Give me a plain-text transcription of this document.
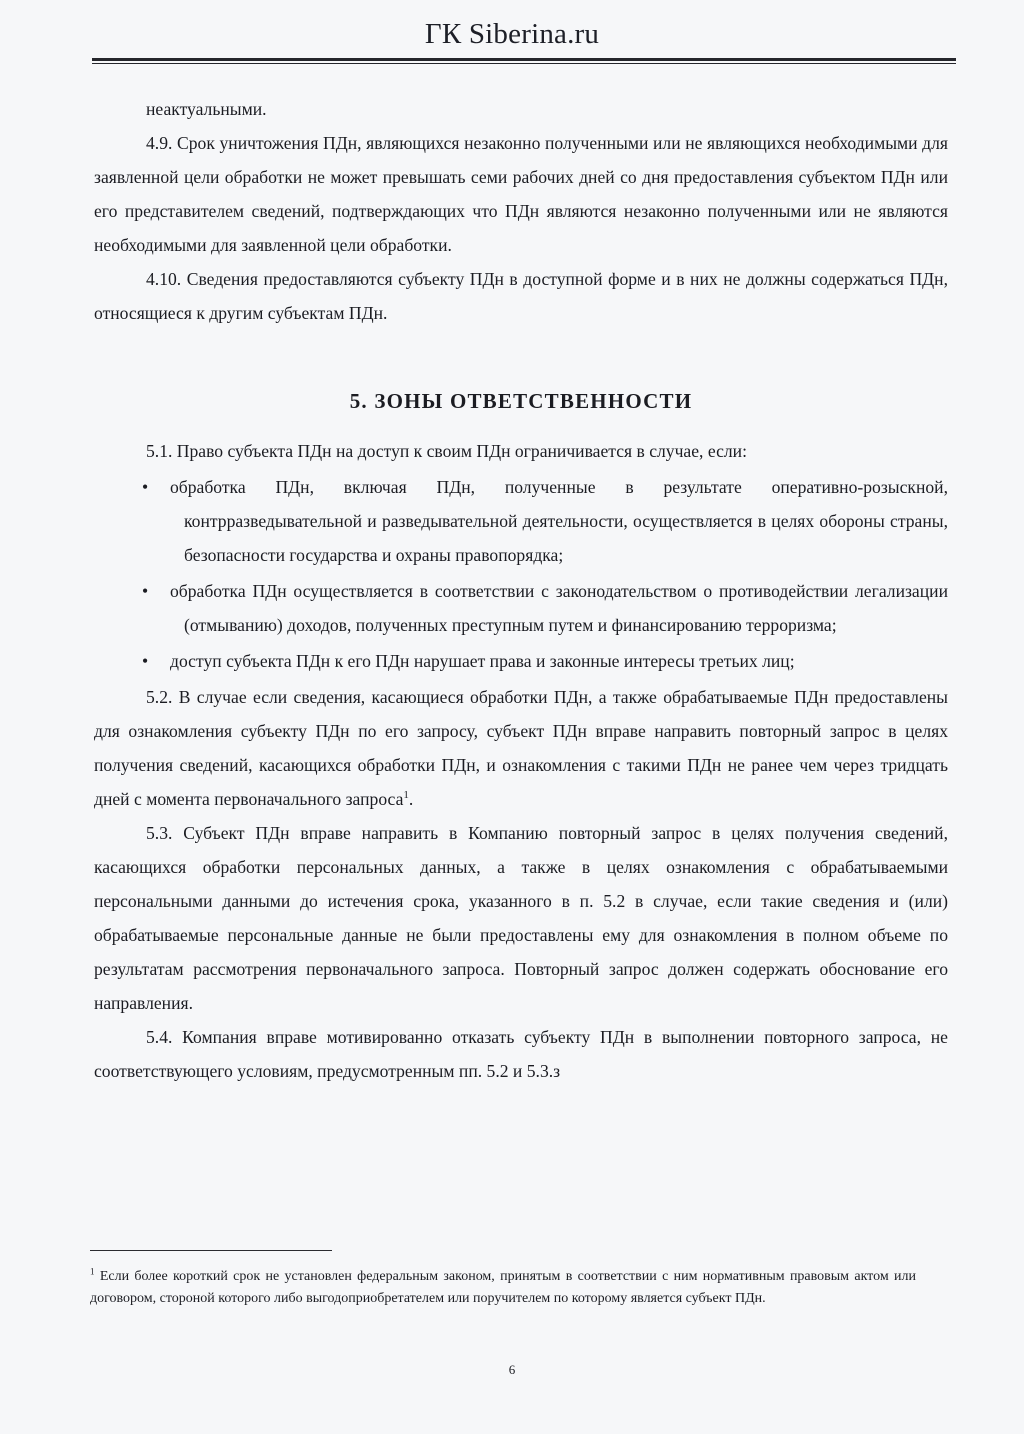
ГК Siberina.ru

неактуальными.

4.9. Срок уничтожения ПДн, являющихся незаконно полученными или не являющихся необходимыми для заявленной цели обработки не может превышать семи рабочих дней со дня предоставления субъектом ПДн или его представителем сведений, подтверждающих что ПДн являются незаконно полученными или не являются необходимыми для заявленной цели обработки.

4.10. Сведения предоставляются субъекту ПДн в доступной форме и в них не должны содержаться ПДн, относящиеся к другим субъектам ПДн.

5. ЗОНЫ ОТВЕТСТВЕННОСТИ

5.1. Право субъекта ПДн на доступ к своим ПДн ограничивается в случае, если:

• обработка ПДн, включая ПДн, полученные в результате оперативно-розыскной, контрразведывательной и разведывательной деятельности, осуществляется в целях обороны страны, безопасности государства и охраны правопорядка;
• обработка ПДн осуществляется в соответствии с законодательством о противодействии легализации (отмыванию) доходов, полученных преступным путем и финансированию терроризма;
• доступ субъекта ПДн к его ПДн нарушает права и законные интересы третьих лиц;

5.2. В случае если сведения, касающиеся обработки ПДн, а также обрабатываемые ПДн предоставлены для ознакомления субъекту ПДн по его запросу, субъект ПДн вправе направить повторный запрос в целях получения сведений, касающихся обработки ПДн, и ознакомления с такими ПДн не ранее чем через тридцать дней с момента первоначального запроса$^1$.

5.3. Субъект ПДн вправе направить в Компанию повторный запрос в целях получения сведений, касающихся обработки персональных данных, а также в целях ознакомления с обрабатываемыми персональными данными до истечения срока, указанного в п. 5.2 в случае, если такие сведения и (или) обрабатываемые персональные данные не были предоставлены ему для ознакомления в полном объеме по результатам рассмотрения первоначального запроса. Повторный запрос должен содержать обоснование его направления.

5.4. Компания вправе мотивированно отказать субъекту ПДн в выполнении повторного запроса, не соответствующего условиям, предусмотренным пп. 5.2 и 5.3.з

$^1$ Если более короткий срок не установлен федеральным законом, принятым в соответствии с ним нормативным правовым актом или договором, стороной которого либо выгодоприобретателем или поручителем по которому является субъект ПДн.
6
